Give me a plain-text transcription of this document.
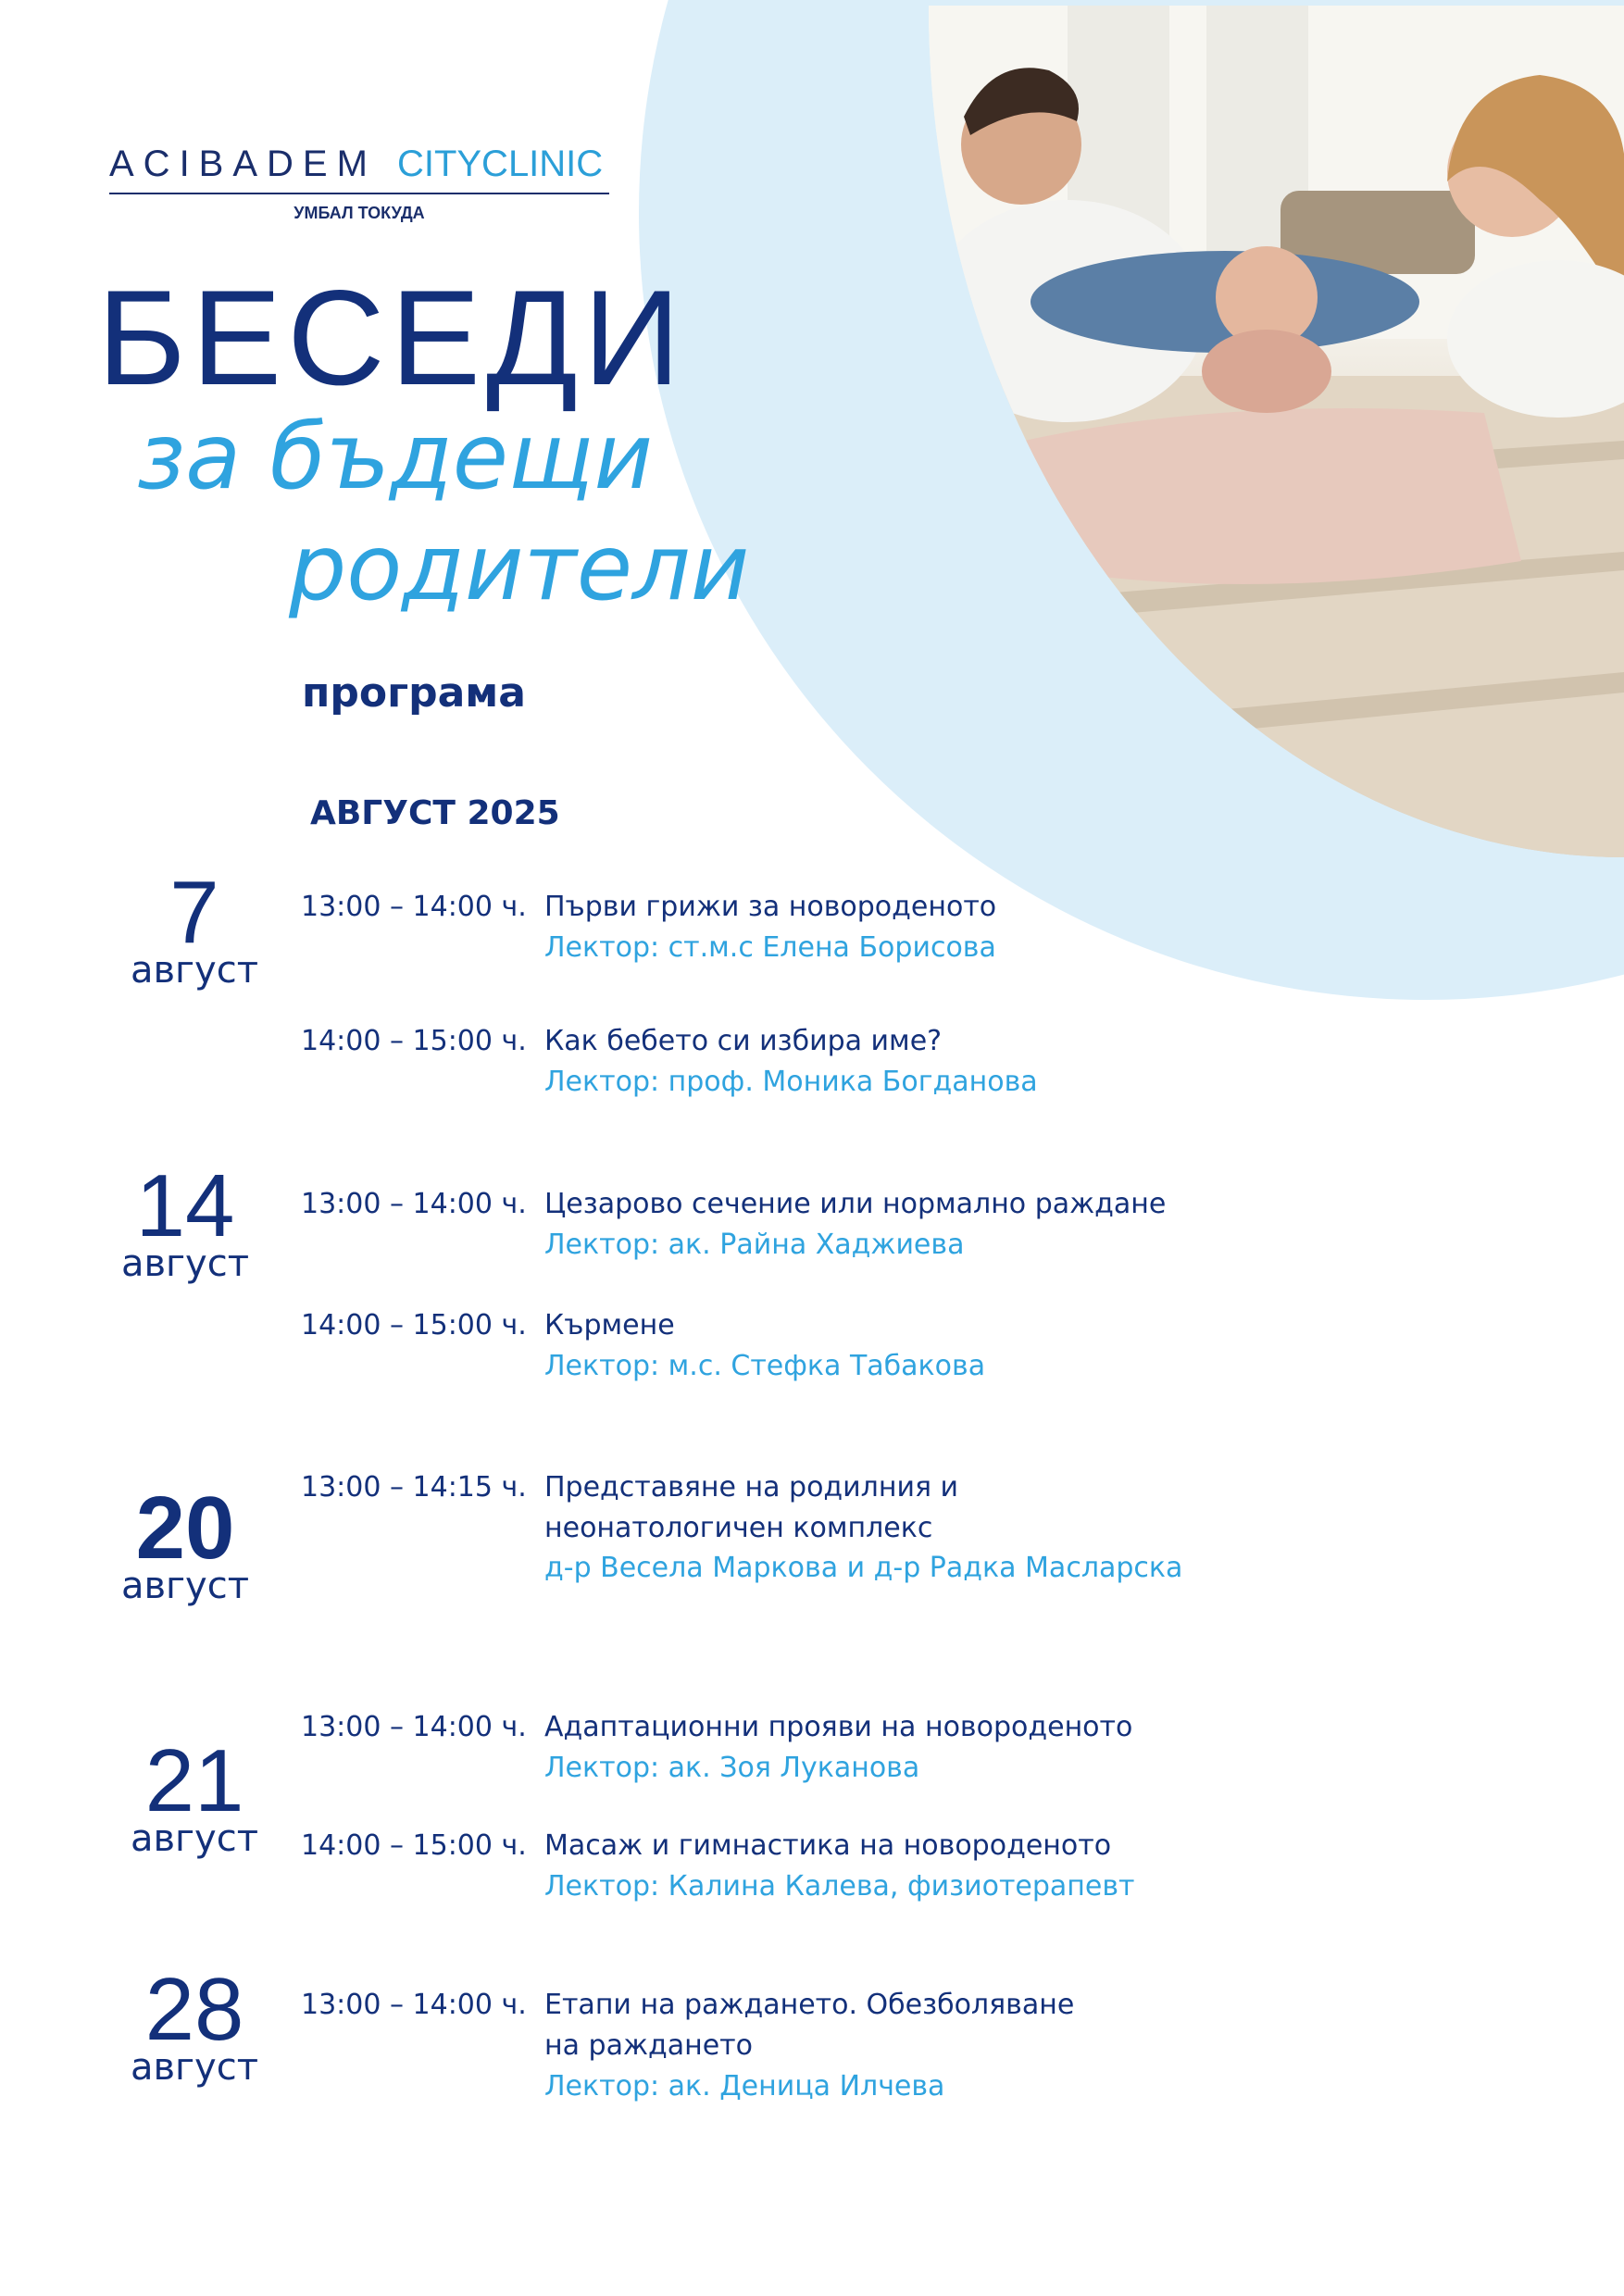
ACIBADEM CITYCLINIC
УМБАЛ ТОКУДА
БЕСЕДИ
за бъдещи
родители
програма
АВГУСТ 2025
7
август
13:00 – 14:00 ч. Първи грижи за новороденото
Лектор: ст.м.с Елена Борисова
14:00 – 15:00 ч. Как бебето си избира име?
Лектор: проф. Моника Богданова
14
август
13:00 – 14:00 ч. Цезарово сечение или нормално раждане
Лектор: ак. Райна Хаджиева
14:00 – 15:00 ч. Кърмене
Лектор: м.с. Стефка Табакова
20
август
13:00 – 14:15 ч. Представяне на родилния и
неонатологичен комплекс
д-р Весела Маркова и д-р Радка Масларска
21
август
13:00 – 14:00 ч. Адаптационни прояви на новороденото
Лектор: ак. Зоя Луканова
14:00 – 15:00 ч. Масаж и гимнастика на новороденото
Лектор: Калина Калева, физиотерапевт
28
август
13:00 – 14:00 ч. Етапи на раждането. Обезболяване
на раждането
Лектор: ак. Деница Илчева
